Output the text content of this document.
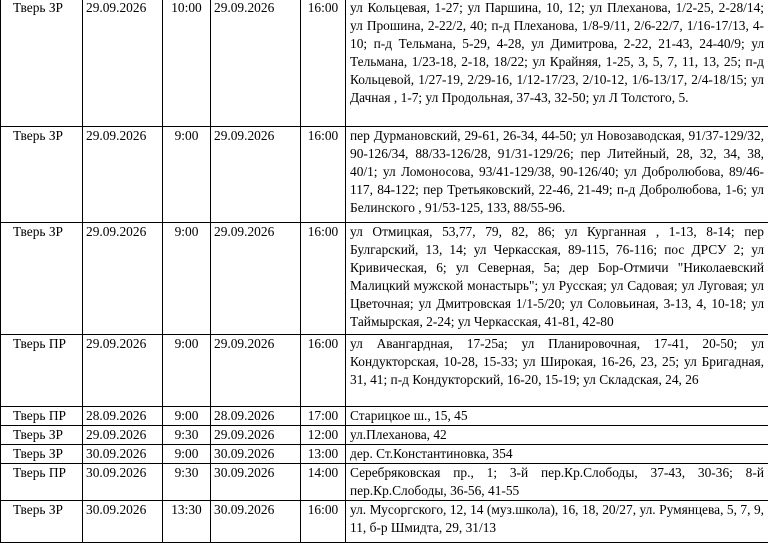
Тверь ЗР	29.09.2026	10:00	29.09.2026	16:00	ул Кольцевая, 1-27; ул Паршина, 10, 12; ул Плеханова, 1/2-25, 2-28/14; ул Прошина, 2-22/2, 40; п-д Плеханова, 1/8-9/11, 2/6-22/7, 1/16-17/13, 4-10; п-д Тельмана, 5-29, 4-28, ул Димитрова, 2-22, 21-43, 24-40/9; ул Тельмана, 1/23-18, 2-18, 18/22; ул Крайняя, 1-25, 3, 5, 7, 11, 13, 25; п-д Кольцевой, 1/27-19, 2/29-16, 1/12-17/23, 2/10-12, 1/6-13/17, 2/4-18/15; ул Дачная , 1-7; ул Продольная, 37-43, 32-50; ул Л Толстого, 5.

Тверь ЗР	29.09.2026	9:00	29.09.2026	16:00	пер Дурмановский, 29-61, 26-34, 44-50; ул Новозаводская, 91/37-129/32, 90-126/34, 88/33-126/28, 91/31-129/26; пер Литейный, 28, 32, 34, 38, 40/1; ул Ломоносова, 93/41-129/38, 90-126/40; ул Добролюбова, 89/46-117, 84-122; пер Третьяковский, 22-46, 21-49; п-д Добролюбова, 1-6; ул Белинского , 91/53-125, 133, 88/55-96.

Тверь ЗР	29.09.2026	9:00	29.09.2026	16:00	ул Отмицкая, 53,77, 79, 82, 86; ул Курганная , 1-13, 8-14; пер Булгарский, 13, 14; ул Черкасская, 89-115, 76-116; пос ДРСУ 2; ул Кривическая, 6; ул Северная, 5а; дер Бор-Отмичи "Николаевский Малицкий мужской монастырь"; ул Русская; ул Садовая; ул Луговая; ул Цветочная; ул Дмитровская 1/1-5/20; ул Соловьиная, 3-13, 4, 10-18; ул Таймырская, 2-24; ул Черкасская, 41-81, 42-80

Тверь ПР	29.09.2026	9:00	29.09.2026	16:00	ул Авангардная, 17-25а; ул Планировочная, 17-41, 20-50; ул Кондукторская, 10-28, 15-33; ул Широкая, 16-26, 23, 25; ул Бригадная, 31, 41; п-д Кондукторский, 16-20, 15-19; ул Складская, 24, 26

Тверь ПР	28.09.2026	9:00	28.09.2026	17:00	Старицкое ш., 15, 45

Тверь ЗР	29.09.2026	9:30	29.09.2026	12:00	ул.Плеханова, 42

Тверь ЗР	30.09.2026	9:00	30.09.2026	13:00	дер. Ст.Константиновка, 354

Тверь ПР	30.09.2026	9:30	30.09.2026	14:00	Серебряковская пр., 1; 3-й пер.Кр.Слободы, 37-43, 30-36; 8-й пер.Кр.Слободы, 36-56, 41-55

Тверь ЗР	30.09.2026	13:30	30.09.2026	16:00	ул. Мусоргского, 12, 14 (муз.школа), 16, 18, 20/27, ул. Румянцева, 5, 7, 9, 11, б-р Шмидта, 29, 31/13
